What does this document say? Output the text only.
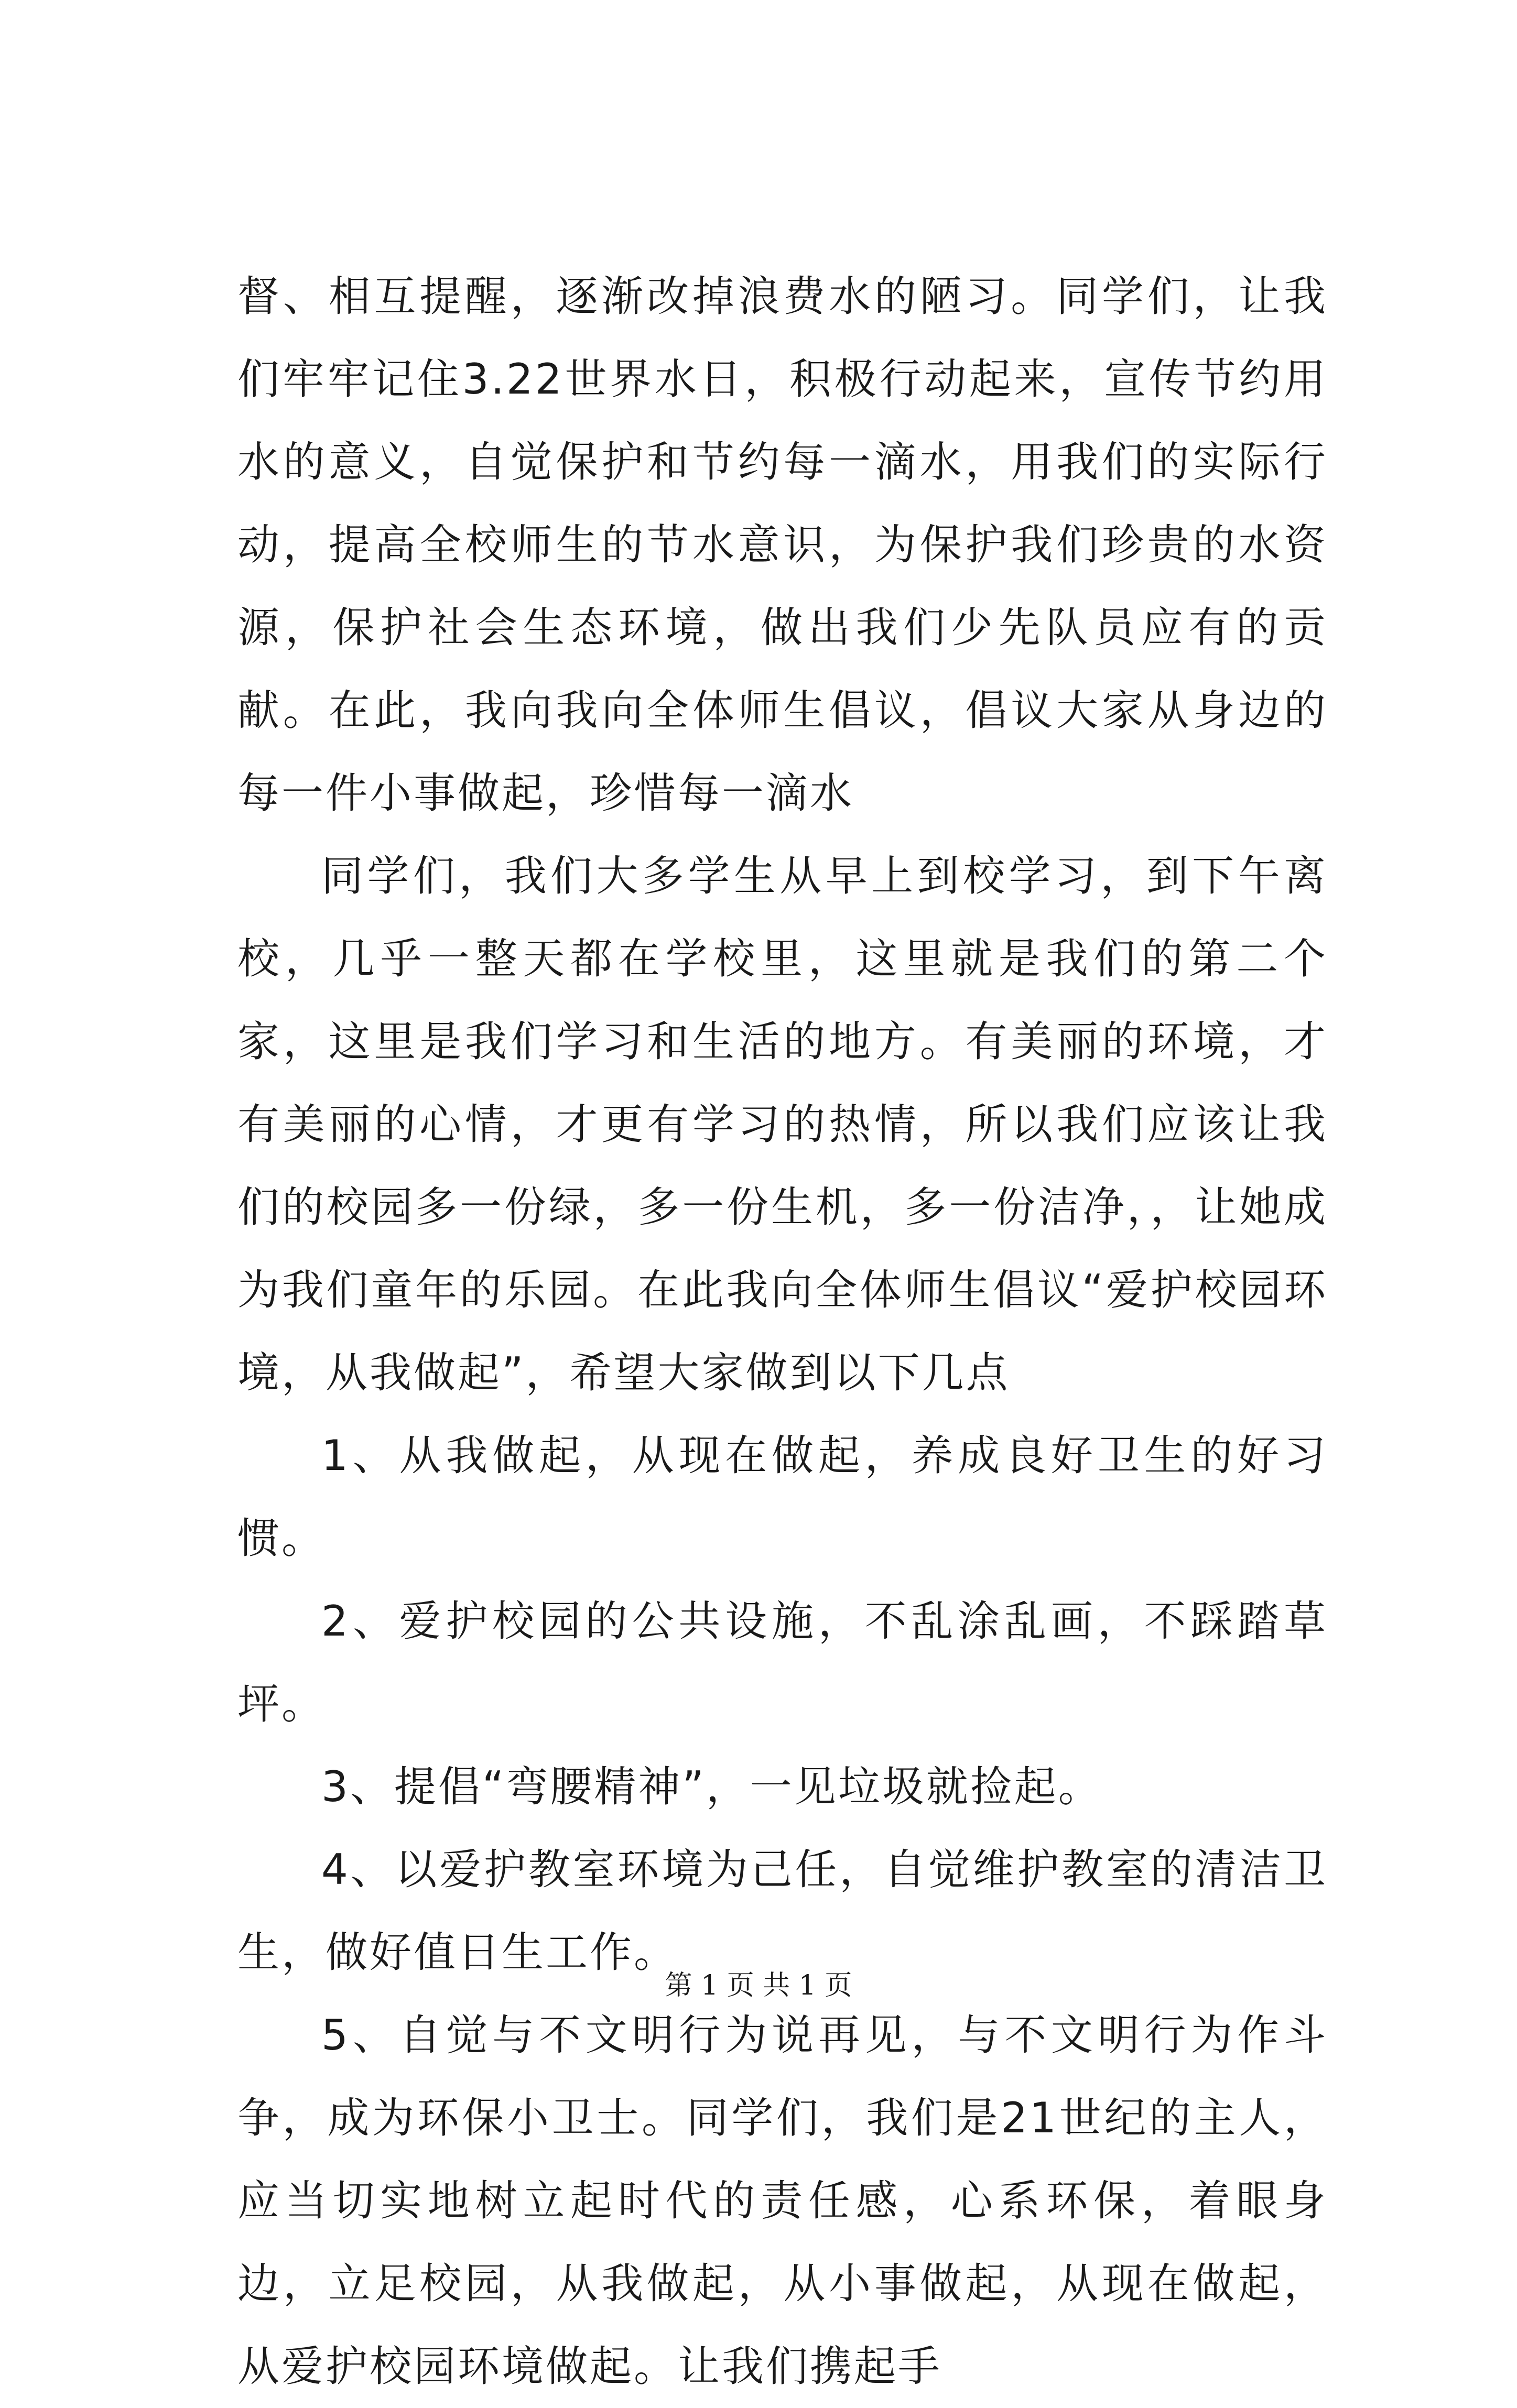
督、相互提醒，逐渐改掉浪费水的陋习。同学们，让我们牢牢记住3.22世界水日，积极行动起来，宣传节约用水的意义，自觉保护和节约每一滴水，用我们的实际行动，提高全校师生的节水意识，为保护我们珍贵的水资源，保护社会生态环境，做出我们少先队员应有的贡献。在此，我向我向全体师生倡议，倡议大家从身边的每一件小事做起，珍惜每一滴水

同学们，我们大多学生从早上到校学习，到下午离校，几乎一整天都在学校里，这里就是我们的第二个家，这里是我们学习和生活的地方。有美丽的环境，才有美丽的心情，才更有学习的热情，所以我们应该让我们的校园多一份绿，多一份生机，多一份洁净，，让她成为我们童年的乐园。在此我向全体师生倡议“爱护校园环境，从我做起”，希望大家做到以下几点

1、从我做起，从现在做起，养成良好卫生的好习惯。

2、爱护校园的公共设施，不乱涂乱画，不踩踏草坪。

3、提倡“弯腰精神”，一见垃圾就捡起。

4、以爱护教室环境为己任，自觉维护教室的清洁卫生，做好值日生工作。

5、自觉与不文明行为说再见，与不文明行为作斗争，成为环保小卫士。同学们，我们是21世纪的主人，应当切实地树立起时代的责任感，心系环保，着眼身边，立足校园，从我做起，从小事做起，从现在做起，从爱护校园环境做起。让我们携起手

第 1 页 共 1 页
